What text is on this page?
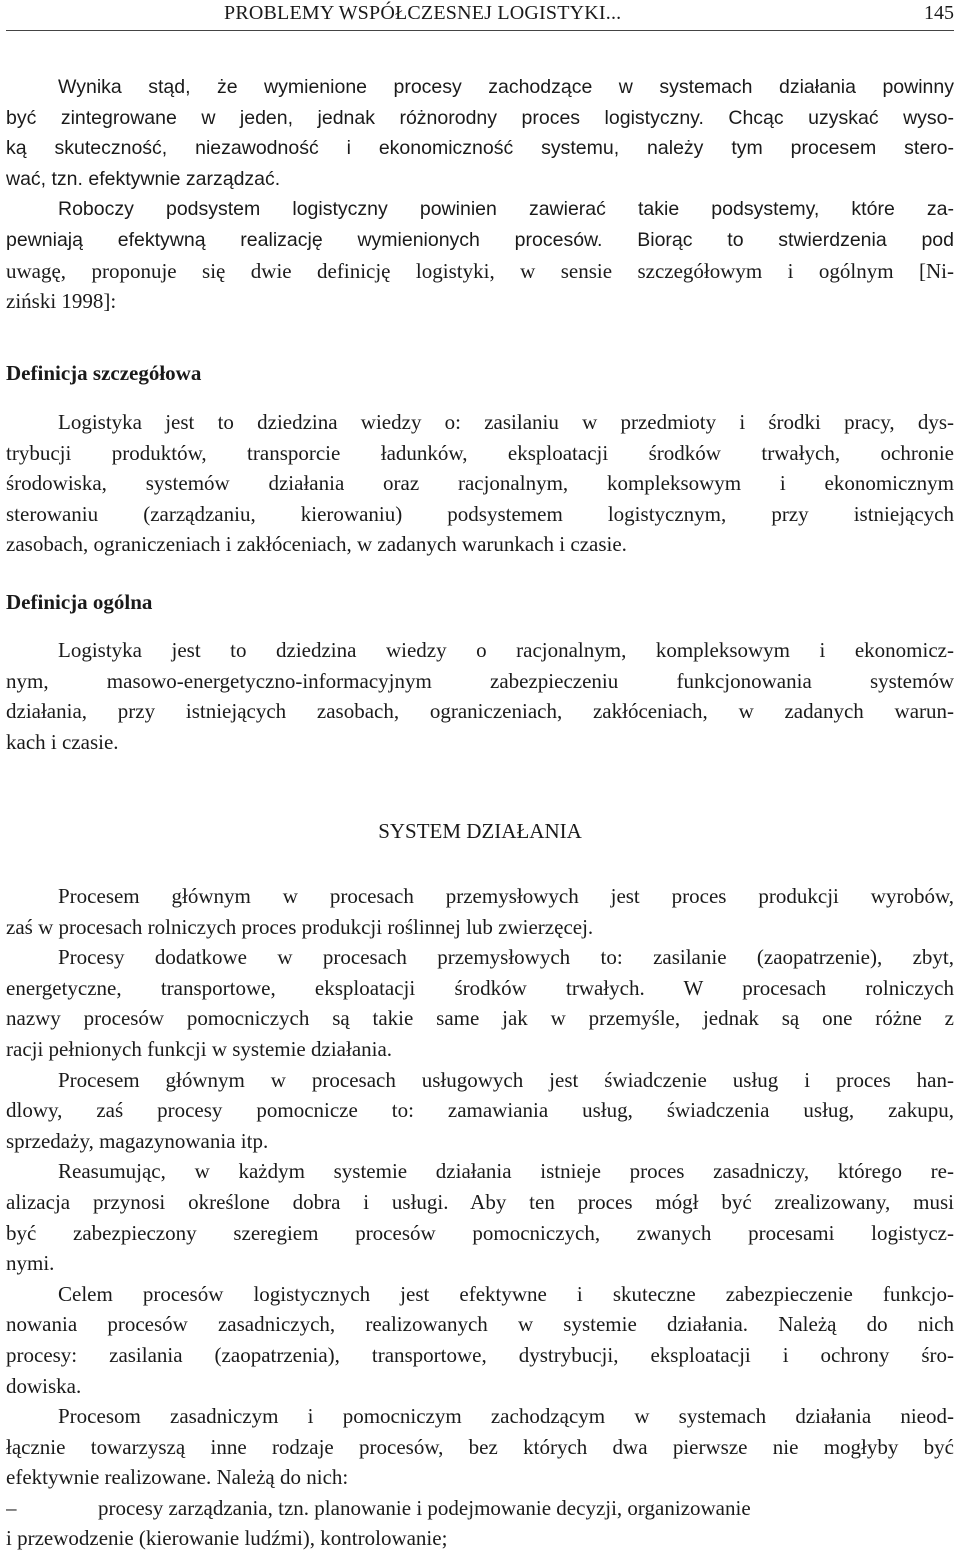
PROBLEMY WSPÓŁCZESNEJ LOGISTYKI...	145
Wynika stąd, że wymienione procesy zachodzące w systemach działania powinny
być zintegrowane w jeden, jednak różnorodny proces logistyczny. Chcąc uzyskać wyso-
ką skuteczność, niezawodność i ekonomiczność systemu, należy tym procesem stero-
wać, tzn. efektywnie zarządzać.
Roboczy podsystem logistyczny powinien zawierać takie podsystemy, które za-
pewniają efektywną realizację wymienionych procesów. Biorąc to stwierdzenia pod
uwagę, proponuje się dwie definicję logistyki, w sensie szczegółowym i ogólnym [Ni-
ziński 1998]:
Definicja szczegółowa
Logistyka jest to dziedzina wiedzy o: zasilaniu w przedmioty i środki pracy, dys-
trybucji produktów, transporcie ładunków, eksploatacji środków trwałych, ochronie
środowiska, systemów działania oraz racjonalnym, kompleksowym i ekonomicznym
sterowaniu (zarządzaniu, kierowaniu) podsystemem logistycznym, przy istniejących
zasobach, ograniczeniach i zakłóceniach, w zadanych warunkach i czasie.
Definicja ogólna
Logistyka jest to dziedzina wiedzy o racjonalnym, kompleksowym i ekonomicz-
nym, masowo-energetyczno-informacyjnym zabezpieczeniu funkcjonowania systemów
działania, przy istniejących zasobach, ograniczeniach, zakłóceniach, w zadanych warun-
kach i czasie.
SYSTEM DZIAŁANIA
Procesem głównym w procesach przemysłowych jest proces produkcji wyrobów,
zaś w procesach rolniczych proces produkcji roślinnej lub zwierzęcej.
Procesy dodatkowe w procesach przemysłowych to: zasilanie (zaopatrzenie), zbyt,
energetyczne, transportowe, eksploatacji środków trwałych. W procesach rolniczych
nazwy procesów pomocniczych są takie same jak w przemyśle, jednak są one różne z
racji pełnionych funkcji w systemie działania.
Procesem głównym w procesach usługowych jest świadczenie usług i proces han-
dlowy, zaś procesy pomocnicze to: zamawiania usług, świadczenia usług, zakupu,
sprzedaży, magazynowania itp.
Reasumując, w każdym systemie działania istnieje proces zasadniczy, którego re-
alizacja przynosi określone dobra i usługi. Aby ten proces mógł być zrealizowany, musi
być zabezpieczony szeregiem procesów pomocniczych, zwanych procesami logistycz-
nymi.
Celem procesów logistycznych jest efektywne i skuteczne zabezpieczenie funkcjo-
nowania procesów zasadniczych, realizowanych w systemie działania. Należą do nich
procesy: zasilania (zaopatrzenia), transportowe, dystrybucji, eksploatacji i ochrony śro-
dowiska.
Procesom zasadniczym i pomocniczym zachodzącym w systemach działania nieod-
łącznie towarzyszą inne rodzaje procesów, bez których dwa pierwsze nie mogłyby być
efektywnie realizowane. Należą do nich:
–	procesy zarządzania, tzn. planowanie i podejmowanie decyzji, organizowanie
i przewodzenie (kierowanie ludźmi), kontrolowanie;
